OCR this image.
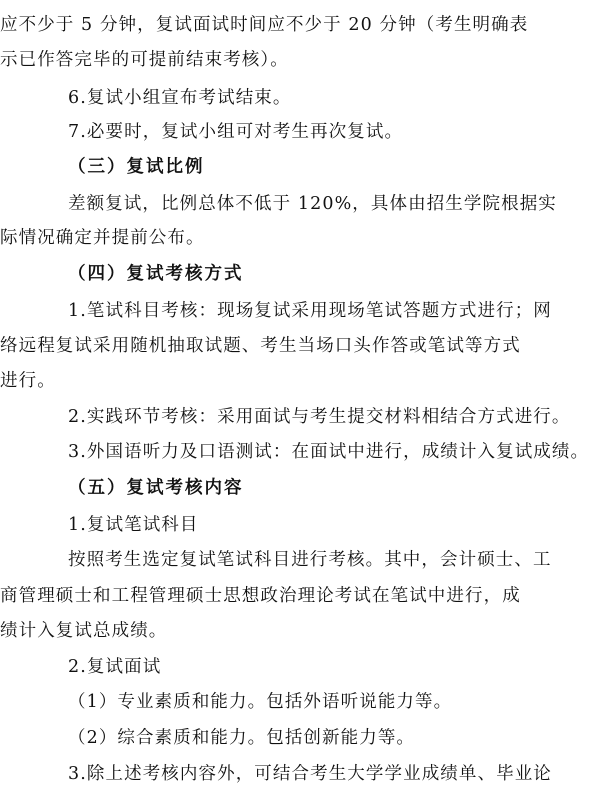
应不少于 5 分钟，复试面试时间应不少于 20 分钟（考生明确表
示已作答完毕的可提前结束考核）。
6.复试小组宣布考试结束。
7.必要时，复试小组可对考生再次复试。
（三）复试比例
差额复试，比例总体不低于 120%，具体由招生学院根据实
际情况确定并提前公布。
（四）复试考核方式
1.笔试科目考核：现场复试采用现场笔试答题方式进行；网
络远程复试采用随机抽取试题、考生当场口头作答或笔试等方式
进行。
2.实践环节考核：采用面试与考生提交材料相结合方式进行。
3.外国语听力及口语测试：在面试中进行，成绩计入复试成绩。
（五）复试考核内容
1.复试笔试科目
按照考生选定复试笔试科目进行考核。其中，会计硕士、工
商管理硕士和工程管理硕士思想政治理论考试在笔试中进行，成
绩计入复试总成绩。
2.复试面试
（1）专业素质和能力。包括外语听说能力等。
（2）综合素质和能力。包括创新能力等。
3.除上述考核内容外，可结合考生大学学业成绩单、毕业论
